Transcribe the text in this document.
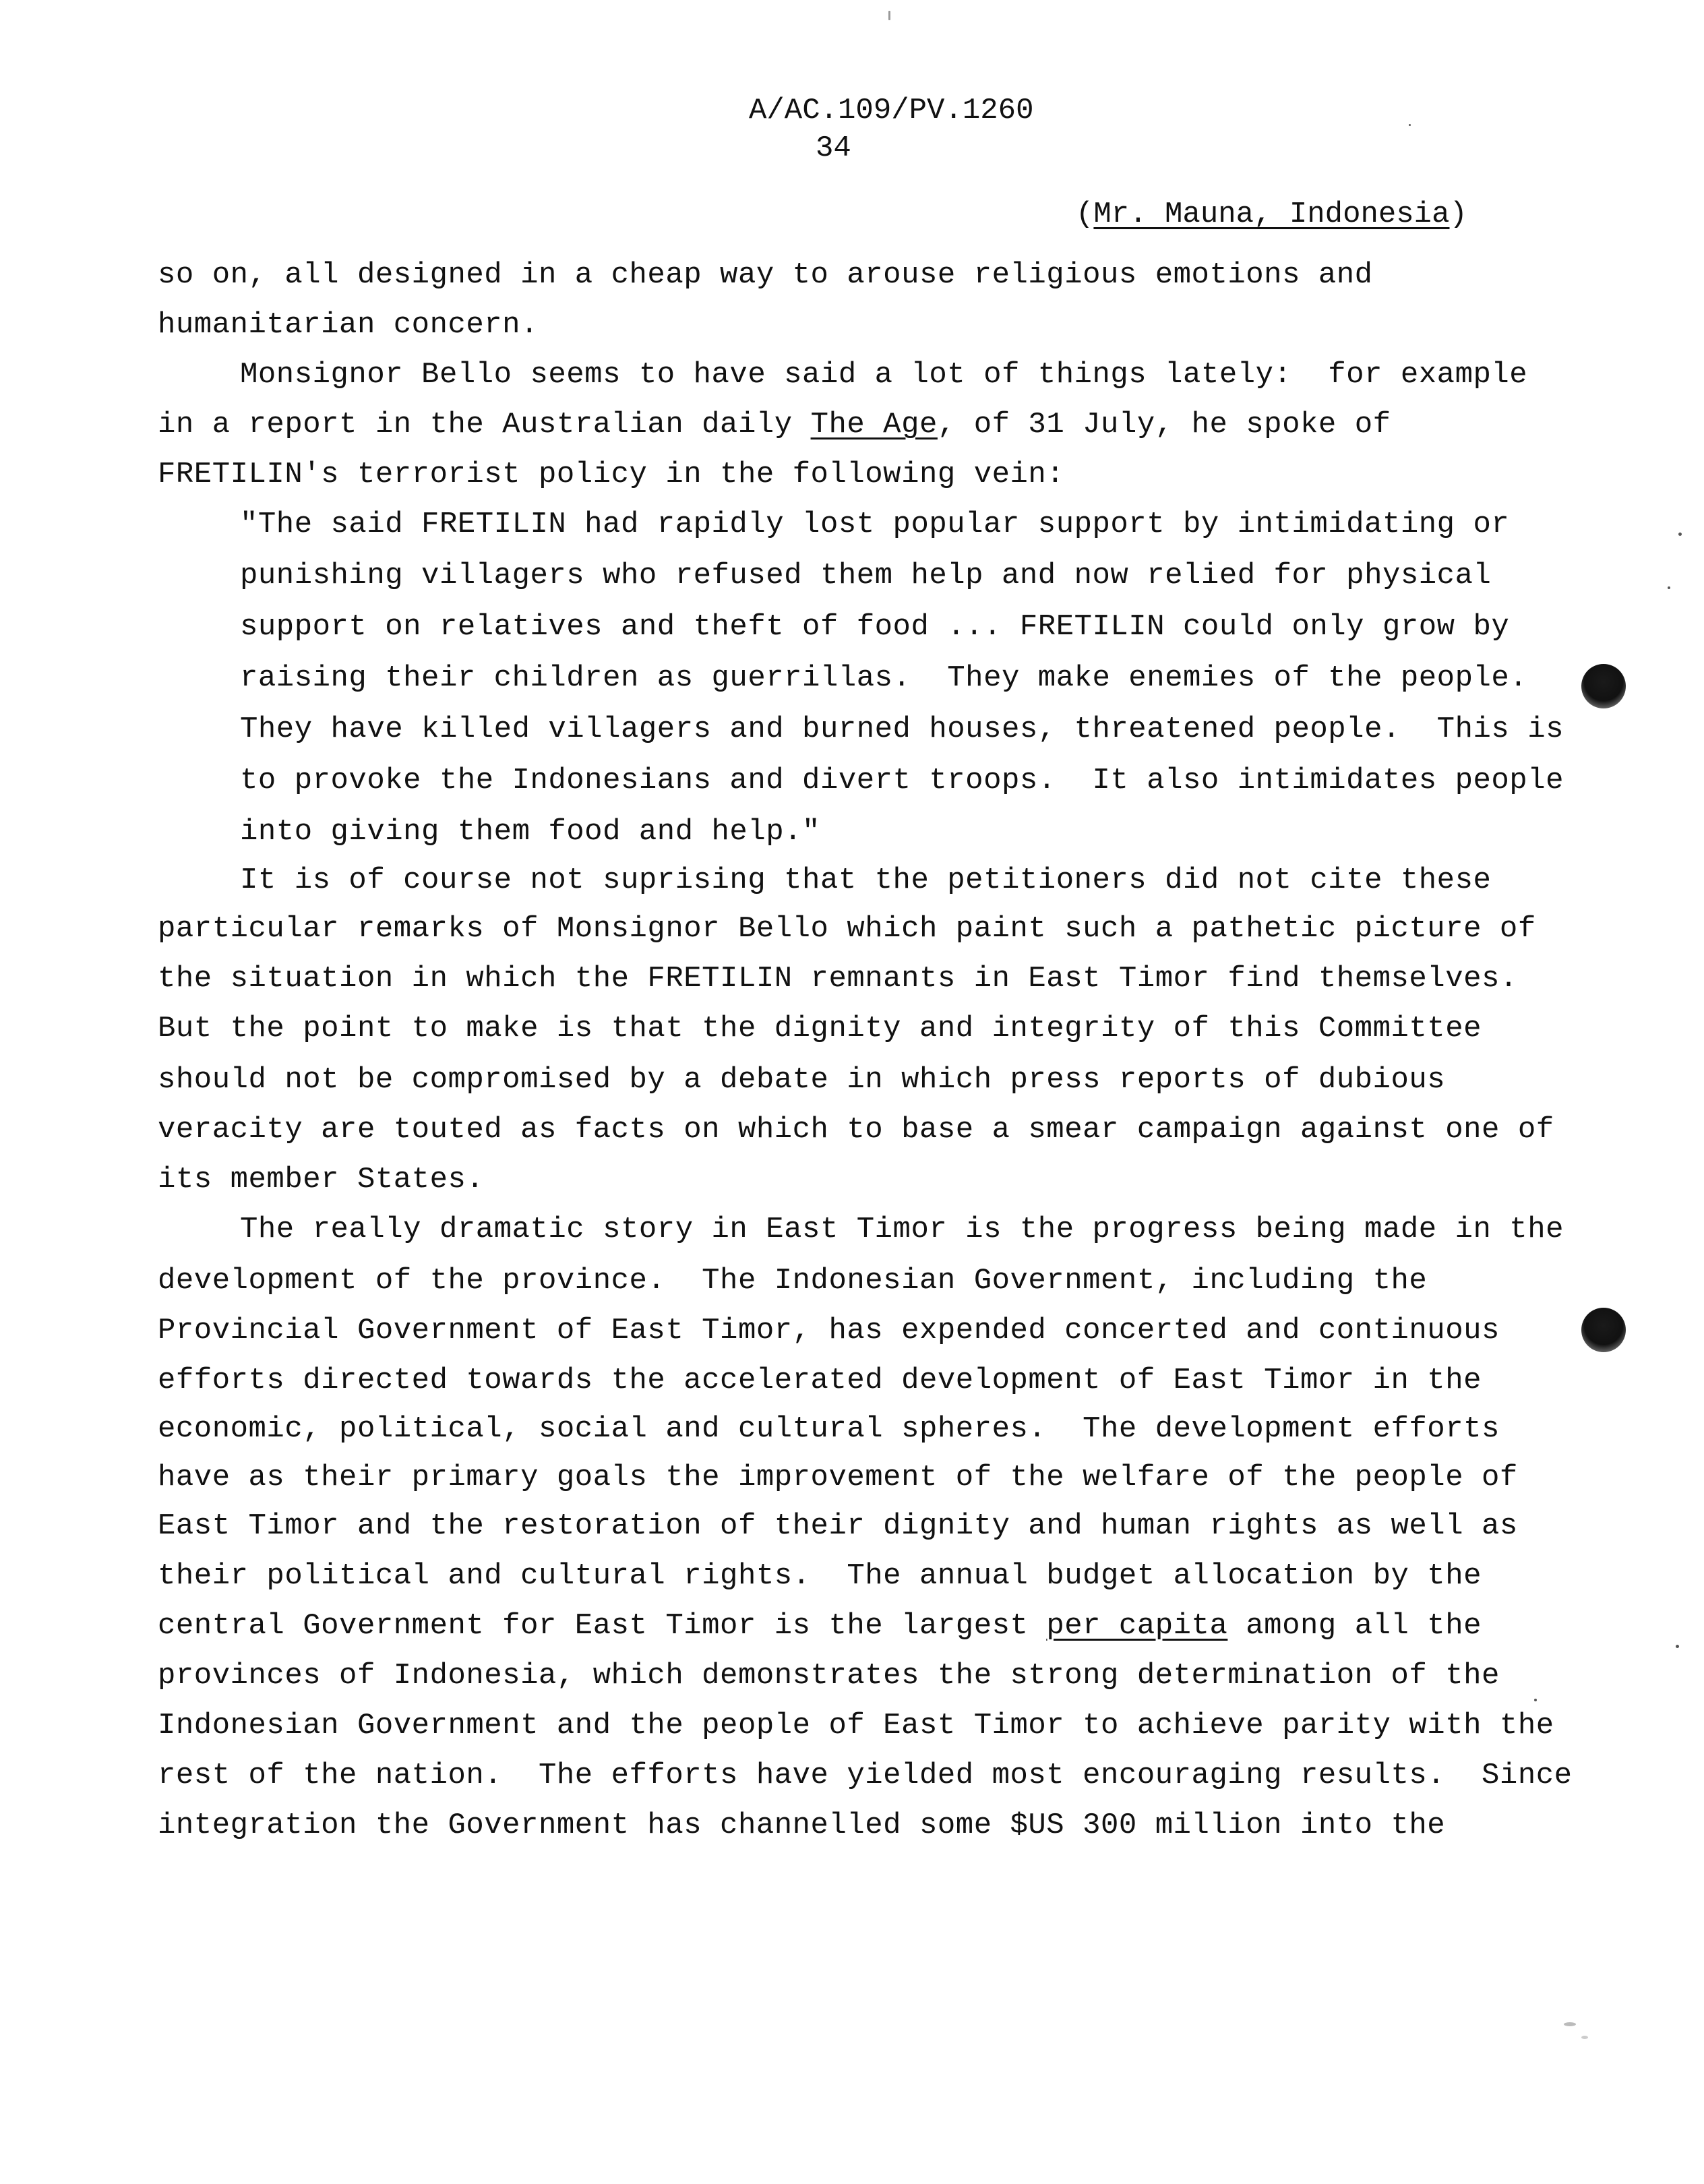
A/AC.109/PV.1260
34
(Mr. Mauna, Indonesia)
so on, all designed in a cheap way to arouse religious emotions and
humanitarian concern.
Monsignor Bello seems to have said a lot of things lately:  for example
in a report in the Australian daily The Age, of 31 July, he spoke of
FRETILIN's terrorist policy in the following vein:
"The said FRETILIN had rapidly lost popular support by intimidating or
punishing villagers who refused them help and now relied for physical
support on relatives and theft of food ... FRETILIN could only grow by
raising their children as guerrillas.  They make enemies of the people.
They have killed villagers and burned houses, threatened people.  This is
to provoke the Indonesians and divert troops.  It also intimidates people
into giving them food and help."
It is of course not suprising that the petitioners did not cite these
particular remarks of Monsignor Bello which paint such a pathetic picture of
the situation in which the FRETILIN remnants in East Timor find themselves.
But the point to make is that the dignity and integrity of this Committee
should not be compromised by a debate in which press reports of dubious
veracity are touted as facts on which to base a smear campaign against one of
its member States.
The really dramatic story in East Timor is the progress being made in the
development of the province.  The Indonesian Government, including the
Provincial Government of East Timor, has expended concerted and continuous
efforts directed towards the accelerated development of East Timor in the
economic, political, social and cultural spheres.  The development efforts
have as their primary goals the improvement of the welfare of the people of
East Timor and the restoration of their dignity and human rights as well as
their political and cultural rights.  The annual budget allocation by the
central Government for East Timor is the largest per capita among all the
provinces of Indonesia, which demonstrates the strong determination of the
Indonesian Government and the people of East Timor to achieve parity with the
rest of the nation.  The efforts have yielded most encouraging results.  Since
integration the Government has channelled some $US 300 million into the
